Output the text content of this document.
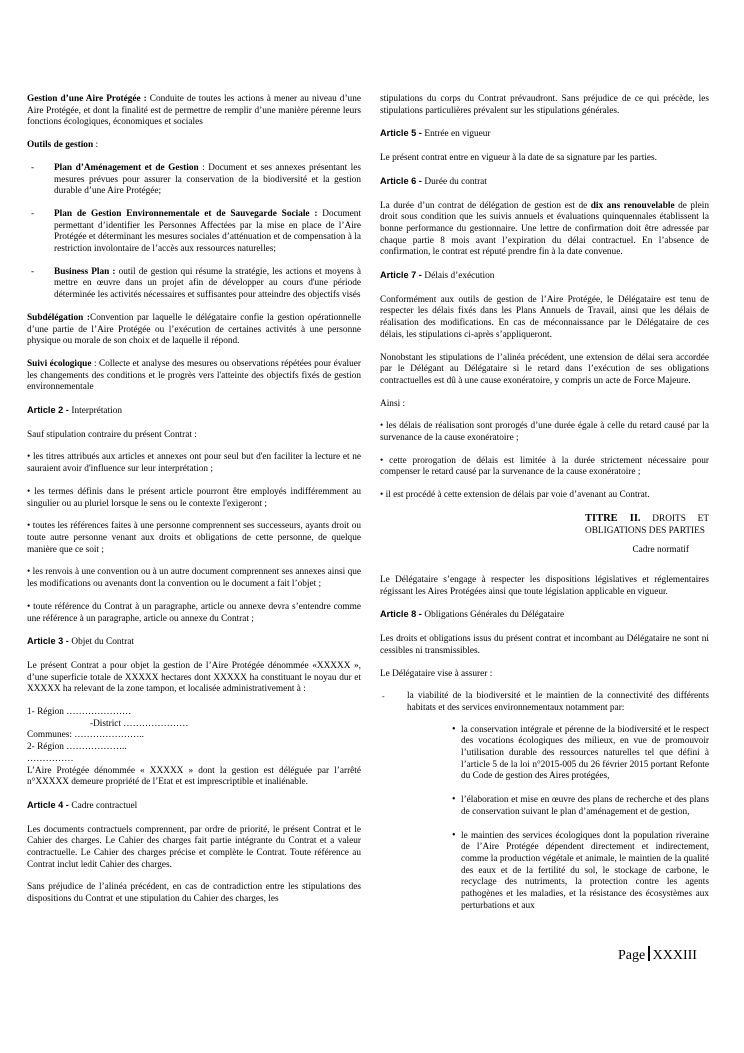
Gestion d’une Aire Protégée : Conduite de toutes les actions à mener au niveau d’une Aire Protégée, et dont la finalité est de permettre de remplir d’une manière pérenne leurs fonctions écologiques, économiques et sociales

Outils de gestion :

- Plan d’Aménagement et de Gestion : Document et ses annexes présentant les mesures prévues pour assurer la conservation de la biodiversité et la gestion durable d’une Aire Protégée;
- Plan de Gestion Environnementale et de Sauvegarde Sociale : Document permettant d’identifier les Personnes Affectées par la mise en place de l’Aire Protégée et déterminant les mesures sociales d’atténuation et de compensation à la restriction involontaire de l’accès aux ressources naturelles;
- Business Plan : outil de gestion qui résume la stratégie, les actions et moyens à mettre en œuvre dans un projet afin de développer au cours d'une période déterminée les activités nécessaires et suffisantes pour atteindre des objectifs visés

Subdélégation :Convention par laquelle le délégataire confie la gestion opérationnelle d’une partie de l’Aire Protégée ou l’exécution de certaines activités à une personne physique ou morale de son choix et de laquelle il répond.

Suivi écologique : Collecte et analyse des mesures ou observations répétées pour évaluer les changements des conditions et le progrès vers l'atteinte des objectifs fixés de gestion environnementale

Article 2 - Interprétation

Sauf stipulation contraire du présent Contrat :

• les titres attribués aux articles et annexes ont pour seul but d'en faciliter la lecture et ne sauraient avoir d'influence sur leur interprétation ;

• les termes définis dans le présent article pourront être employés indifféremment au singulier ou au pluriel lorsque le sens ou le contexte l'exigeront ;

• toutes les références faites à une personne comprennent ses successeurs, ayants droit ou toute autre personne venant aux droits et obligations de cette personne, de quelque manière que ce soit ;

• les renvois à une convention ou à un autre document comprennent ses annexes ainsi que les modifications ou avenants dont la convention ou le document a fait l’objet ;

• toute référence du Contrat à un paragraphe, article ou annexe devra s’entendre comme une référence à un paragraphe, article ou annexe du Contrat ;

Article 3 - Objet du Contrat

Le présent Contrat a pour objet la gestion de l’Aire Protégée dénommée «XXXXX », d’une superficie totale de XXXXX hectares dont XXXXX ha constituant le noyau dur et XXXXX ha relevant de la zone tampon, et localisée administrativement à :

1- Région …………………
-District …………………
Communes: …………………..
2- Région ………………..
……………

L’Aire Protégée dénommée « XXXXX » dont la gestion est déléguée par l’arrêté n°XXXXX demeure propriété de l’Etat et est imprescriptible et inaliénable.

Article 4 - Cadre contractuel

Les documents contractuels comprennent, par ordre de priorité, le présent Contrat et le Cahier des charges. Le Cahier des charges fait partie intégrante du Contrat et a valeur contractuelle. Le Cahier des charges précise et complète le Contrat. Toute référence au Contrat inclut ledit Cahier des charges.

Sans préjudice de l’alinéa précédent, en cas de contradiction entre les stipulations des dispositions du Contrat et une stipulation du Cahier des charges, les

stipulations du corps du Contrat prévaudront. Sans préjudice de ce qui précède, les stipulations particulières prévalent sur les stipulations générales.

Article 5 - Entrée en vigueur

Le présent contrat entre en vigueur à la date de sa signature par les parties.

Article 6 - Durée du contrat

La durée d’un contrat de délégation de gestion est de dix ans renouvelable de plein droit sous condition que les suivis annuels et évaluations quinquennales établissent la bonne performance du gestionnaire. Une lettre de confirmation doit être adressée par chaque partie 8 mois avant l’expiration du délai contractuel. En l’absence de confirmation, le contrat est réputé prendre fin à la date convenue.

Article 7 - Délais d’exécution

Conformément aux outils de gestion de l’Aire Protégée, le Délégataire est tenu de respecter les délais fixés dans les Plans Annuels de Travail, ainsi que les délais de réalisation des modifications. En cas de méconnaissance par le Délégataire de ces délais, les stipulations ci-après s’appliqueront.

Nonobstant les stipulations de l’alinéa précédent, une extension de délai sera accordée par le Délégant au Délégataire si le retard dans l’exécution de ses obligations contractuelles est dû à une cause exonératoire, y compris un acte de Force Majeure.

Ainsi :

• les délais de réalisation sont prorogés d’une durée égale à celle du retard causé par la survenance de la cause exonératoire ;

• cette prorogation de délais est limitée à la durée strictement nécessaire pour compenser le retard causé par la survenance de la cause exonératoire ;

• il est procédé à cette extension de délais par voie d’avenant au Contrat.

TITRE II. DROITS ET OBLIGATIONS DES PARTIES
Cadre normatif

Le Délégataire s’engage à respecter les dispositions législatives et réglementaires régissant les Aires Protégées ainsi que toute législation applicable en vigueur.

Article 8 - Obligations Générales du Délégataire

Les droits et obligations issus du présent contrat et incombant au Délégataire ne sont ni cessibles ni transmissibles.

Le Délégataire vise à assurer :

- la viabilité de la biodiversité et le maintien de la connectivité des différents habitats et des services environnementaux notamment par:
• la conservation intégrale et pérenne de la biodiversité et le respect des vocations écologiques des milieux, en vue de promouvoir l’utilisation durable des ressources naturelles tel que défini à l’article 5 de la loi n°2015-005 du 26 février 2015 portant Refonte du Code de gestion des Aires protégées,
• l’élaboration et mise en œuvre des plans de recherche et des plans de conservation suivant le plan d’aménagement et de gestion,
• le maintien des services écologiques dont la population riveraine de l’Aire Protégée dépendent directement et indirectement, comme la production végétale et animale, le maintien de la qualité des eaux et de la fertilité du sol, le stockage de carbone, le recyclage des nutriments, la protection contre les agents pathogènes et les maladies, et la résistance des écosystèmes aux perturbations et aux
Page XXXIII
